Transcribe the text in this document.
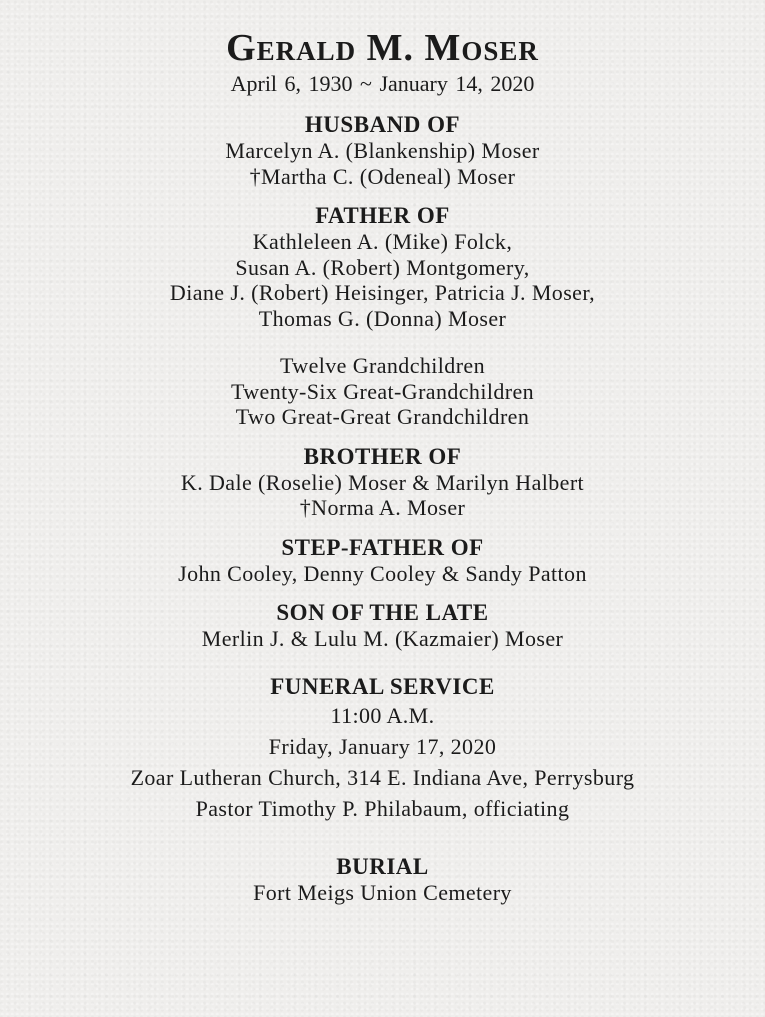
Gerald M. Moser

April 6, 1930 ~ January 14, 2020

HUSBAND OF

Marcelyn A. (Blankenship) Moser

†Martha C. (Odeneal) Moser

FATHER OF

Kathleleen A. (Mike) Folck,

Susan A. (Robert) Montgomery,

Diane J. (Robert) Heisinger, Patricia J. Moser,

Thomas G. (Donna) Moser

Twelve Grandchildren

Twenty-Six Great-Grandchildren

Two Great-Great Grandchildren

BROTHER OF

K. Dale (Roselie) Moser & Marilyn Halbert

†Norma A. Moser

STEP-FATHER OF

John Cooley, Denny Cooley & Sandy Patton

SON OF THE LATE

Merlin J. & Lulu M. (Kazmaier) Moser

FUNERAL SERVICE

11:00 A.M.

Friday, January 17, 2020

Zoar Lutheran Church, 314 E. Indiana Ave, Perrysburg

Pastor Timothy P. Philabaum, officiating

BURIAL

Fort Meigs Union Cemetery
